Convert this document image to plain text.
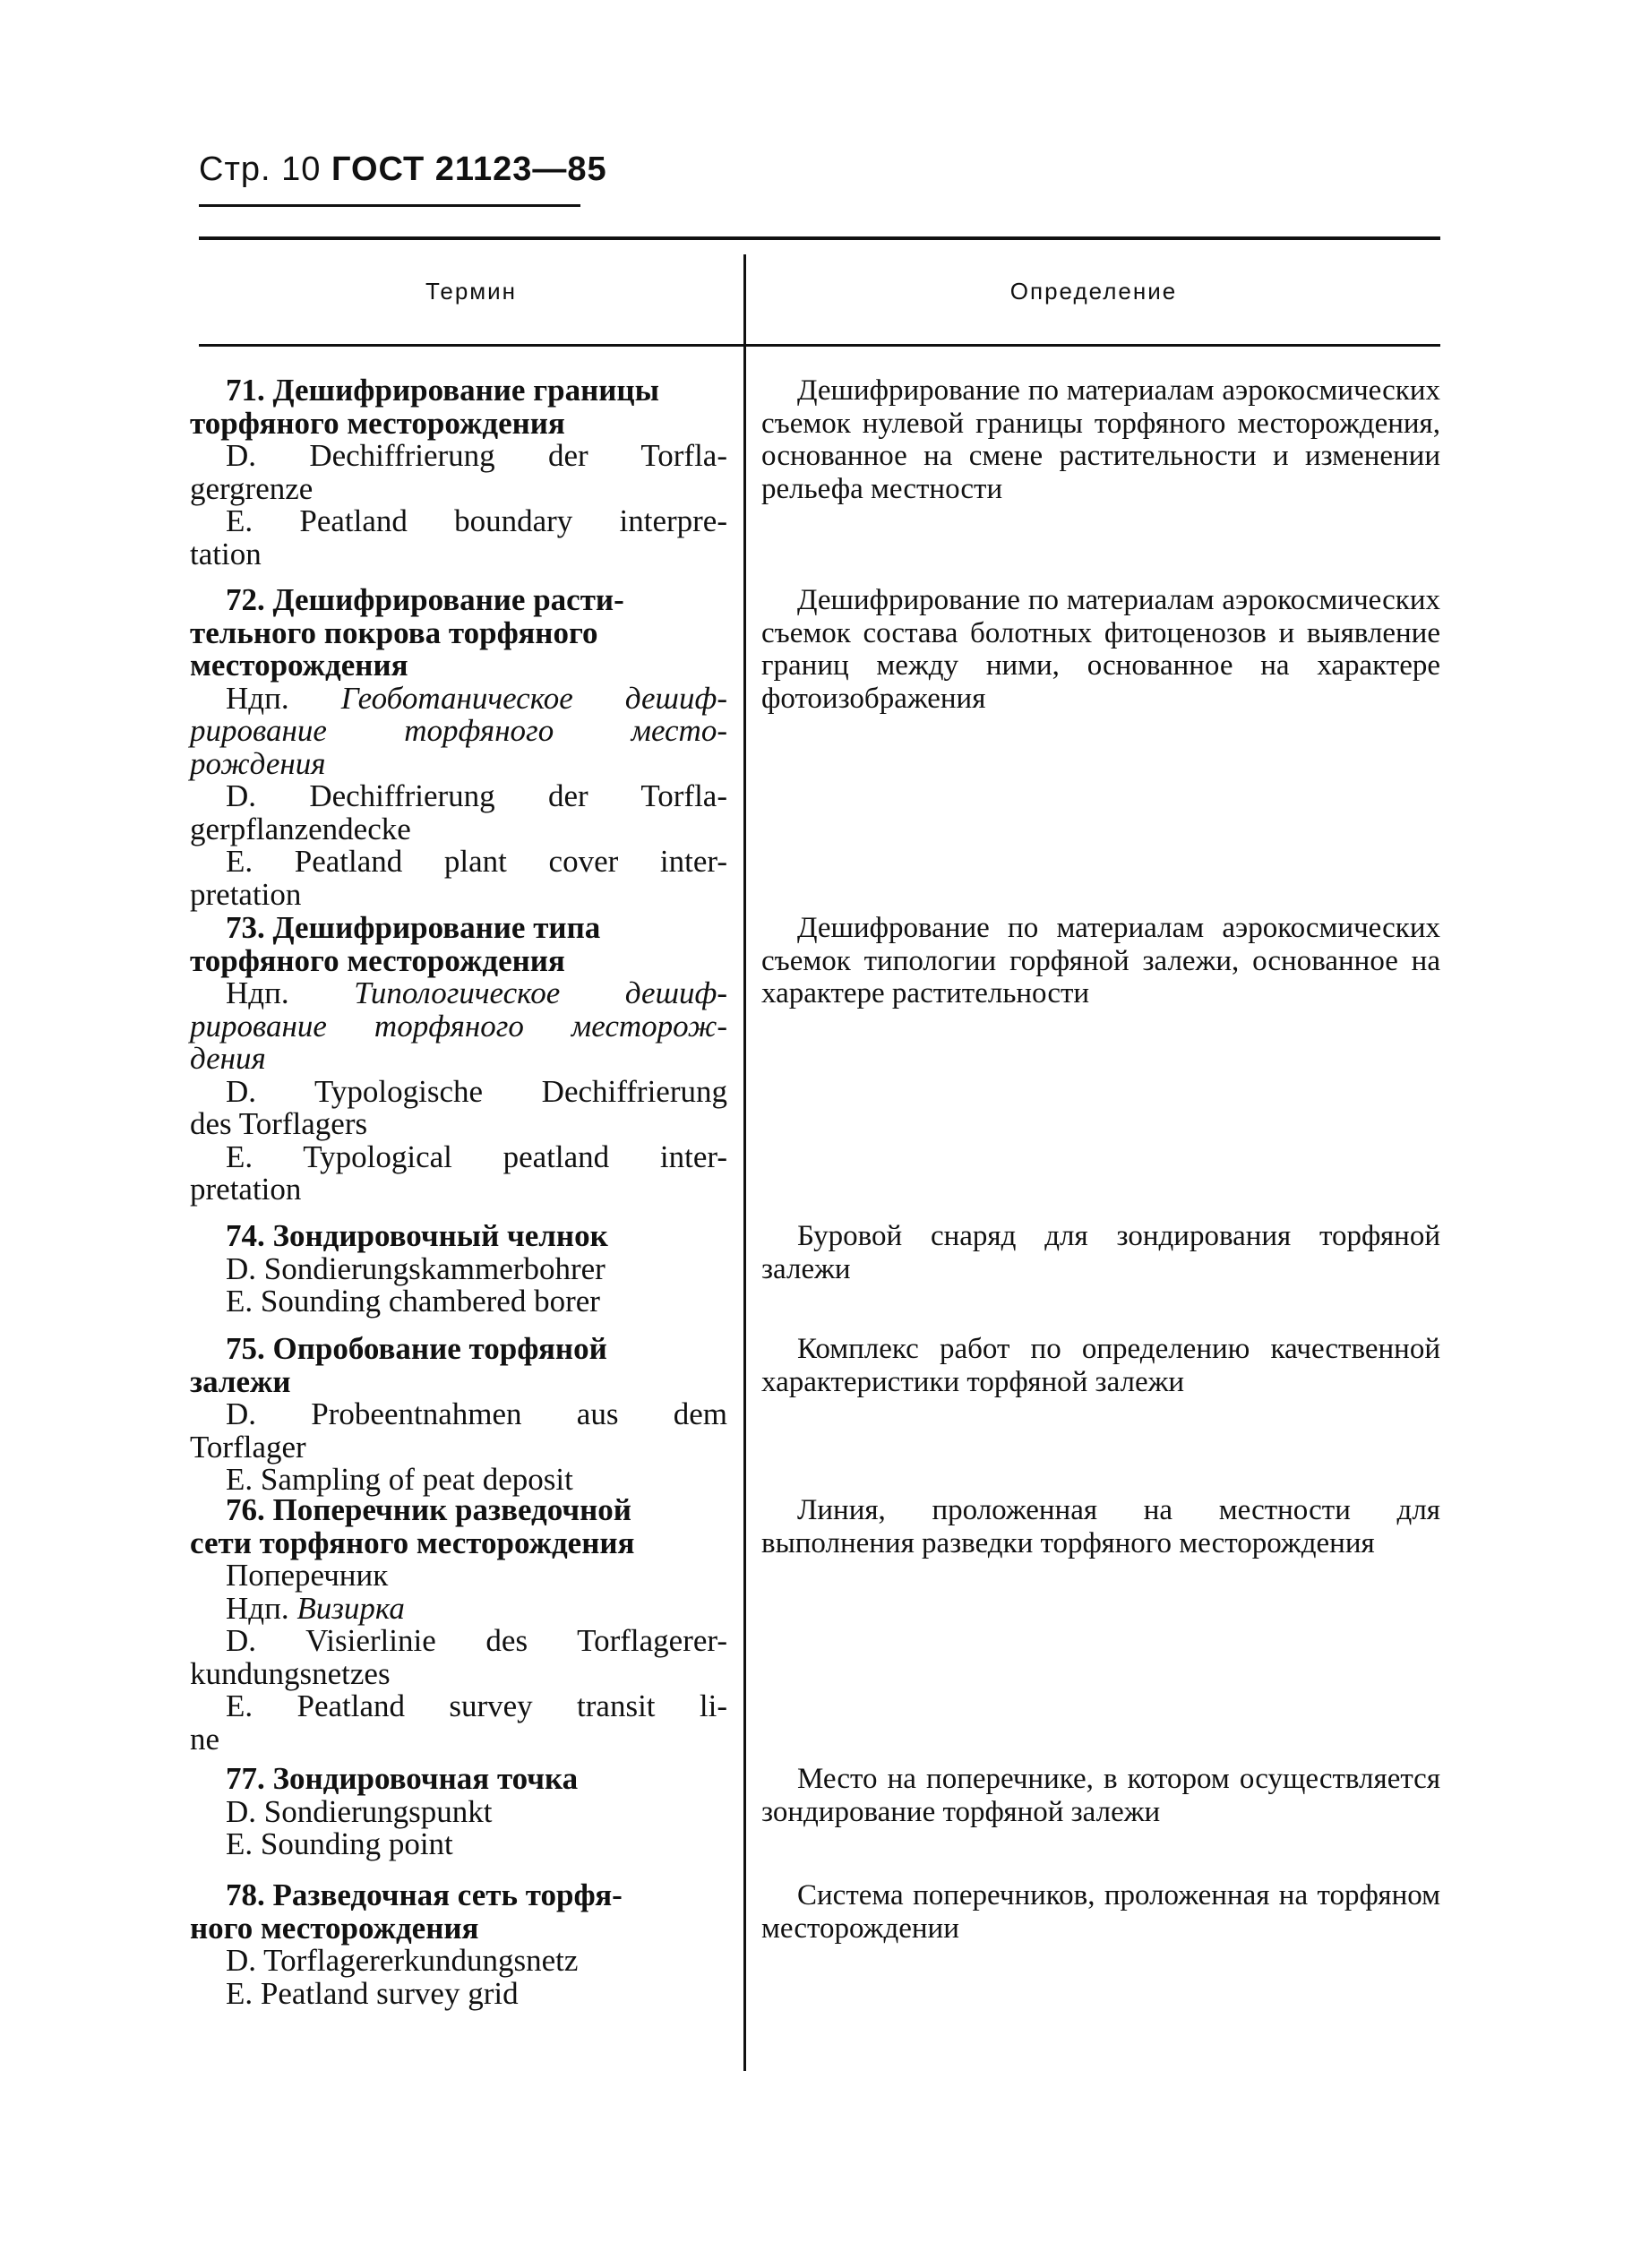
Стр. 10 ГОСТ 21123—85
Термин	Определение
71. Дешифрирование границы
торфяного месторождения
D. Dechiffrierung der Torfla-
gergrenze
E. Peatland boundary interpre-
tation
Дешифрирование по материалам аэрокосмических съемок нулевой границы торфяного месторождения, основанное на смене растительности и изменении рельефа местности
72. Дешифрирование расти-
тельного покрова торфяного
месторождения
Ндп. Геоботаническое дешиф-
рирование торфяного место-
рождения
D. Dechiffrierung der Torfla-
gerpflanzendecke
E. Peatland plant cover inter-
pretation
Дешифрирование по материалам аэрокосмических съемок состава болотных фитоценозов и выявление границ между ними, основанное на характере фотоизображения
73. Дешифрирование типа
торфяного месторождения
Ндп. Типологическое дешиф-
рирование торфяного месторож-
дения
D. Typologische Dechiffrierung
des Torflagers
E. Typological peatland inter-
pretation
Дешифрование по материалам аэрокосмических съемок типологии горфяной залежи, основанное на характере растительности
74. Зондировочный челнок
D. Sondierungskammerbohrer
E. Sounding chambered borer
Буровой снаряд для зондирования торфяной залежи
75. Опробование торфяной
залежи
D. Probeentnahmen aus dem
Torflager
E. Sampling of peat deposit
Комплекс работ по определению качественной характеристики торфяной залежи
76. Поперечник разведочной
сети торфяного месторождения
Поперечник
Ндп. Визирка
D. Visierlinie des Torflagerer-
kundungsnetzes
E. Peatland survey transit li-
ne
Линия, проложенная на местности для выполнения разведки торфяного месторождения
77. Зондировочная точка
D. Sondierungspunkt
E. Sounding point
Место на поперечнике, в котором осуществляется зондирование торфяной залежи
78. Разведочная сеть торфя-
ного месторождения
D. Torflagererkundungsnetz
E. Peatland survey grid
Система поперечников, проложенная на торфяном месторождении
